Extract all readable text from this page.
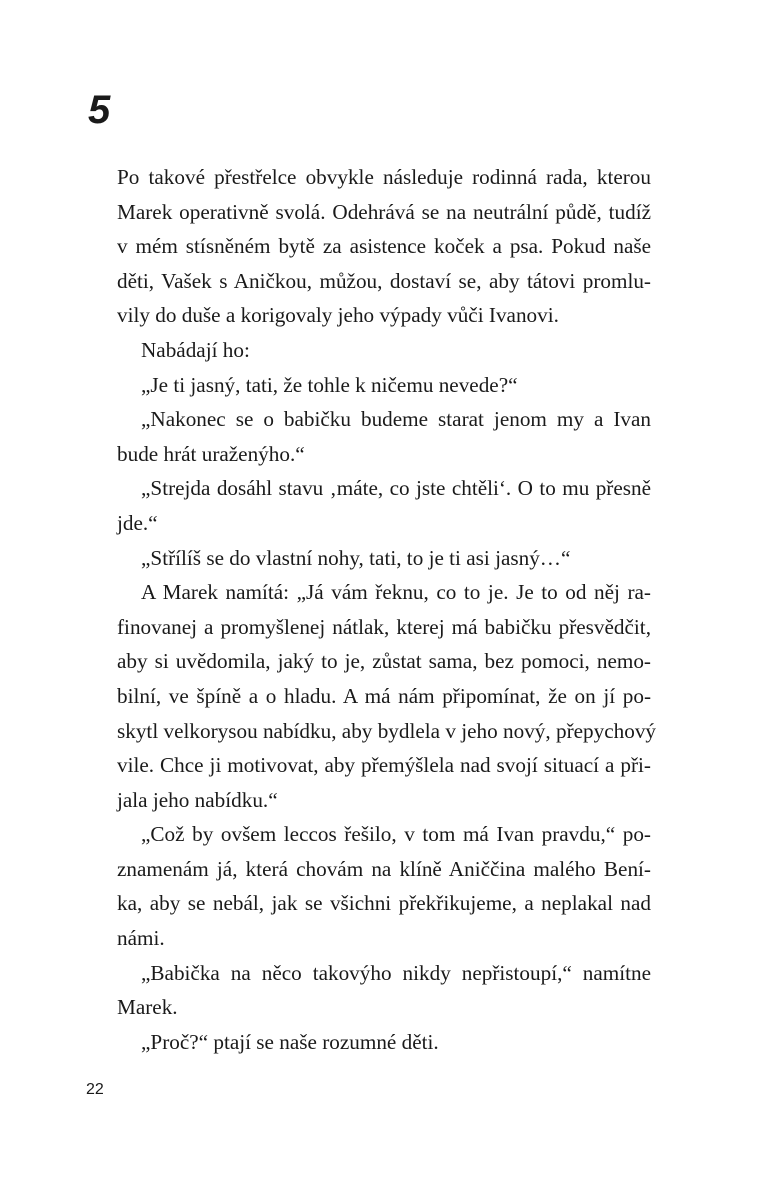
5
Po takové přestřelce obvykle následuje rodinná rada, kterou
Marek operativně svolá. Odehrává se na neutrální půdě, tudíž
v mém stísněném bytě za asistence koček a psa. Pokud naše
děti, Vašek s Aničkou, můžou, dostaví se, aby tátovi promlu-
vily do duše a korigovaly jeho výpady vůči Ivanovi.
Nabádají ho:
„Je ti jasný, tati, že tohle k ničemu nevede?“
„Nakonec se o babičku budeme starat jenom my a Ivan
bude hrát uraženýho.“
„Strejda dosáhl stavu ‚máte, co jste chtěli‘. O to mu přesně
jde.“
„Střílíš se do vlastní nohy, tati, to je ti asi jasný…“
A Marek namítá: „Já vám řeknu, co to je. Je to od něj ra-
finovanej a promyšlenej nátlak, kterej má babičku přesvědčit,
aby si uvědomila, jaký to je, zůstat sama, bez pomoci, nemo-
bilní, ve špíně a o hladu. A má nám připomínat, že on jí po-
skytl velkorysou nabídku, aby bydlela v jeho nový, přepychový
vile. Chce ji motivovat, aby přemýšlela nad svojí situací a při-
jala jeho nabídku.“
„Což by ovšem leccos řešilo, v tom má Ivan pravdu,“ po-
znamenám já, která chovám na klíně Aniččina malého Bení-
ka, aby se nebál, jak se všichni překřikujeme, a neplakal nad
námi.
„Babička na něco takovýho nikdy nepřistoupí,“ namítne
Marek.
„Proč?“ ptají se naše rozumné děti.
22
